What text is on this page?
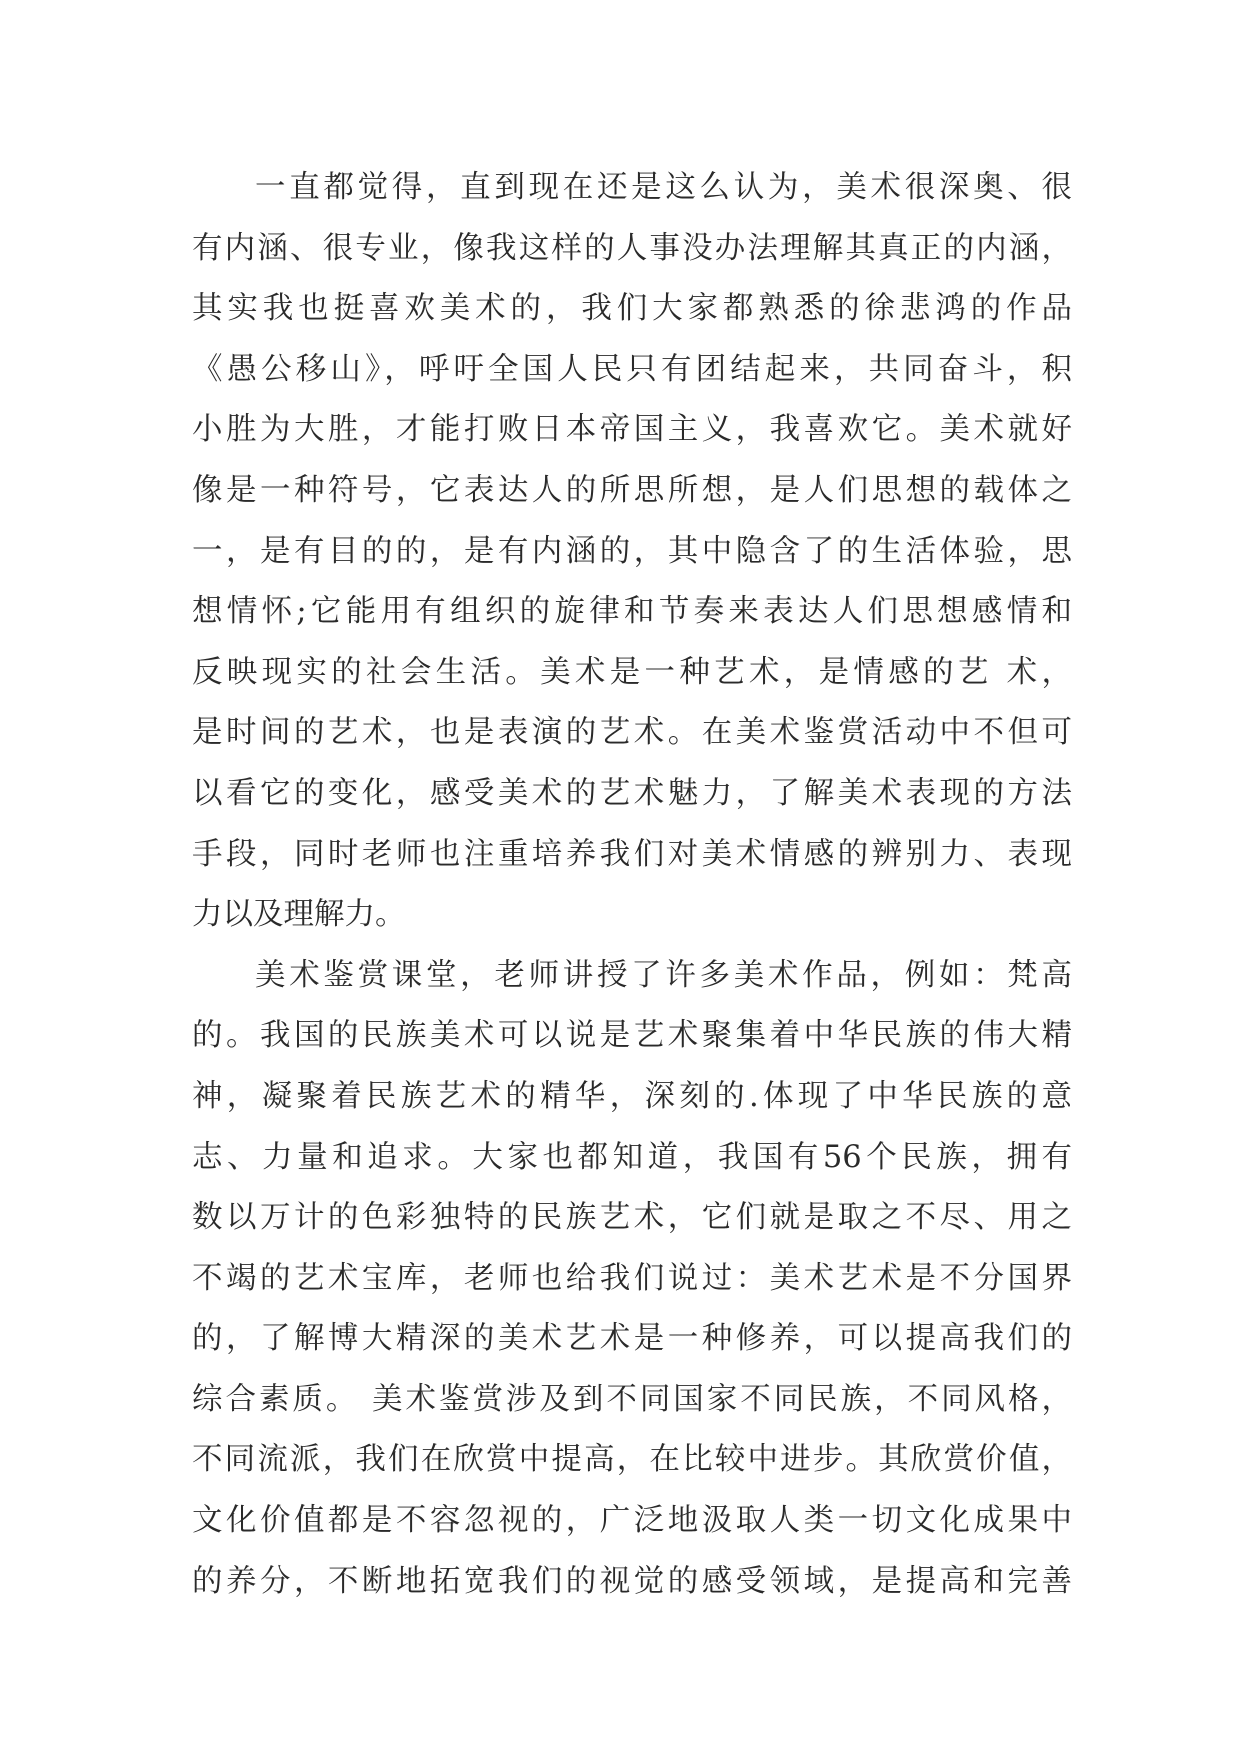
一直都觉得，直到现在还是这么认为，美术很深奥、很
有内涵、很专业，像我这样的人事没办法理解其真正的内涵，
其实我也挺喜欢美术的，我们大家都熟悉的徐悲鸿的作品
《愚公移山》，呼吁全国人民只有团结起来，共同奋斗，积
小胜为大胜，才能打败日本帝国主义，我喜欢它。美术就好
像是一种符号，它表达人的所思所想，是人们思想的载体之
一，是有目的的，是有内涵的，其中隐含了的生活体验，思
想情怀;它能用有组织的旋律和节奏来表达人们思想感情和
反映现实的社会生活。美术是一种艺术，是情感的艺 术，
是时间的艺术，也是表演的艺术。在美术鉴赏活动中不但可
以看它的变化，感受美术的艺术魅力，了解美术表现的方法
手段，同时老师也注重培养我们对美术情感的辨别力、表现
力以及理解力。
美术鉴赏课堂，老师讲授了许多美术作品，例如：梵高
的。我国的民族美术可以说是艺术聚集着中华民族的伟大精
神，凝聚着民族艺术的精华，深刻的.体现了中华民族的意
志、力量和追求。大家也都知道，我国有56个民族，拥有
数以万计的色彩独特的民族艺术，它们就是取之不尽、用之
不竭的艺术宝库，老师也给我们说过：美术艺术是不分国界
的，了解博大精深的美术艺术是一种修养，可以提高我们的
综合素质。 美术鉴赏涉及到不同国家不同民族，不同风格，
不同流派，我们在欣赏中提高，在比较中进步。其欣赏价值，
文化价值都是不容忽视的，广泛地汲取人类一切文化成果中
的养分，不断地拓宽我们的视觉的感受领域，是提高和完善
